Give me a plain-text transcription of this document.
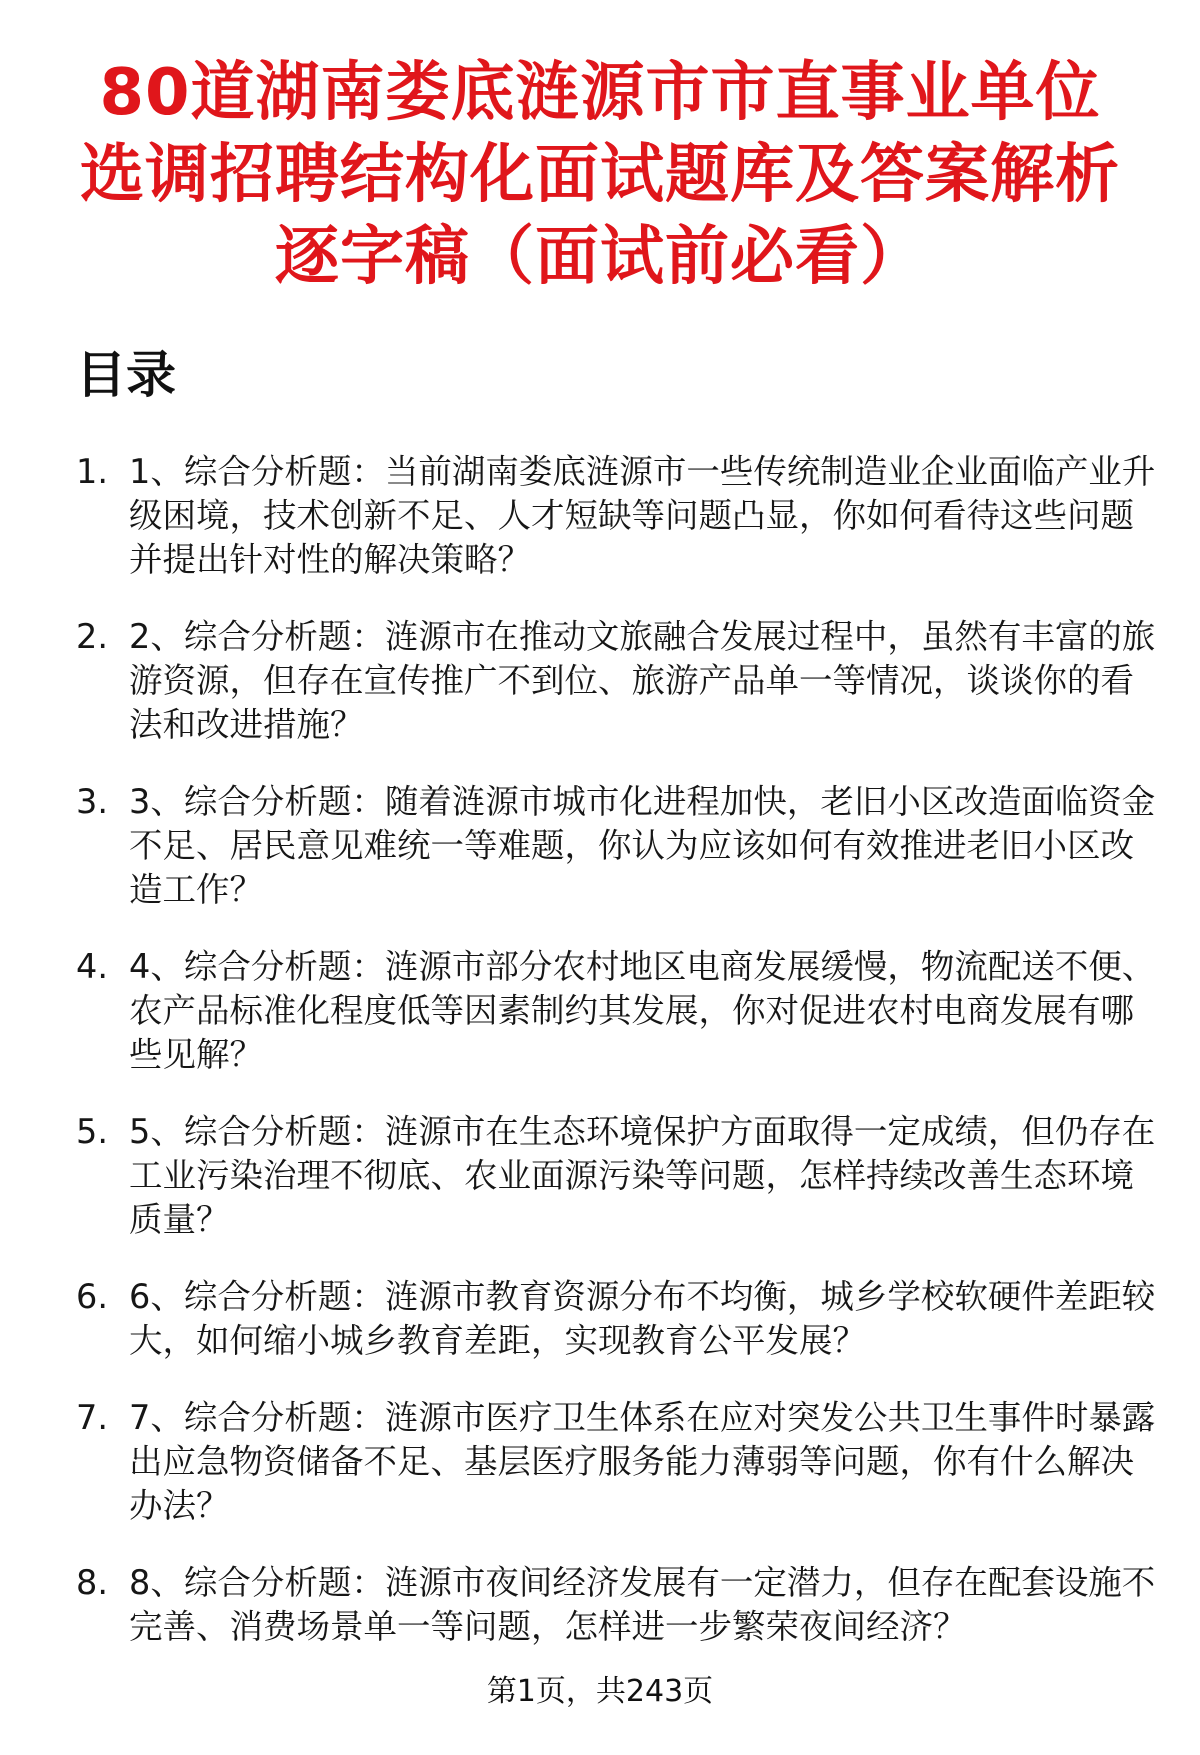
80道湖南娄底涟源市市直事业单位选调招聘结构化面试题库及答案解析逐字稿（面试前必看）
目录
1. 1、综合分析题：当前湖南娄底涟源市一些传统制造业企业面临产业升级困境，技术创新不足、人才短缺等问题凸显，你如何看待这些问题并提出针对性的解决策略？
2. 2、综合分析题：涟源市在推动文旅融合发展过程中，虽然有丰富的旅游资源，但存在宣传推广不到位、旅游产品单一等情况，谈谈你的看法和改进措施？
3. 3、综合分析题：随着涟源市城市化进程加快，老旧小区改造面临资金不足、居民意见难统一等难题，你认为应该如何有效推进老旧小区改造工作？
4. 4、综合分析题：涟源市部分农村地区电商发展缓慢，物流配送不便、农产品标准化程度低等因素制约其发展，你对促进农村电商发展有哪些见解？
5. 5、综合分析题：涟源市在生态环境保护方面取得一定成绩，但仍存在工业污染治理不彻底、农业面源污染等问题，怎样持续改善生态环境质量？
6. 6、综合分析题：涟源市教育资源分布不均衡，城乡学校软硬件差距较大，如何缩小城乡教育差距，实现教育公平发展？
7. 7、综合分析题：涟源市医疗卫生体系在应对突发公共卫生事件时暴露出应急物资储备不足、基层医疗服务能力薄弱等问题，你有什么解决办法？
8. 8、综合分析题：涟源市夜间经济发展有一定潜力，但存在配套设施不完善、消费场景单一等问题，怎样进一步繁荣夜间经济？
第1页，共243页
